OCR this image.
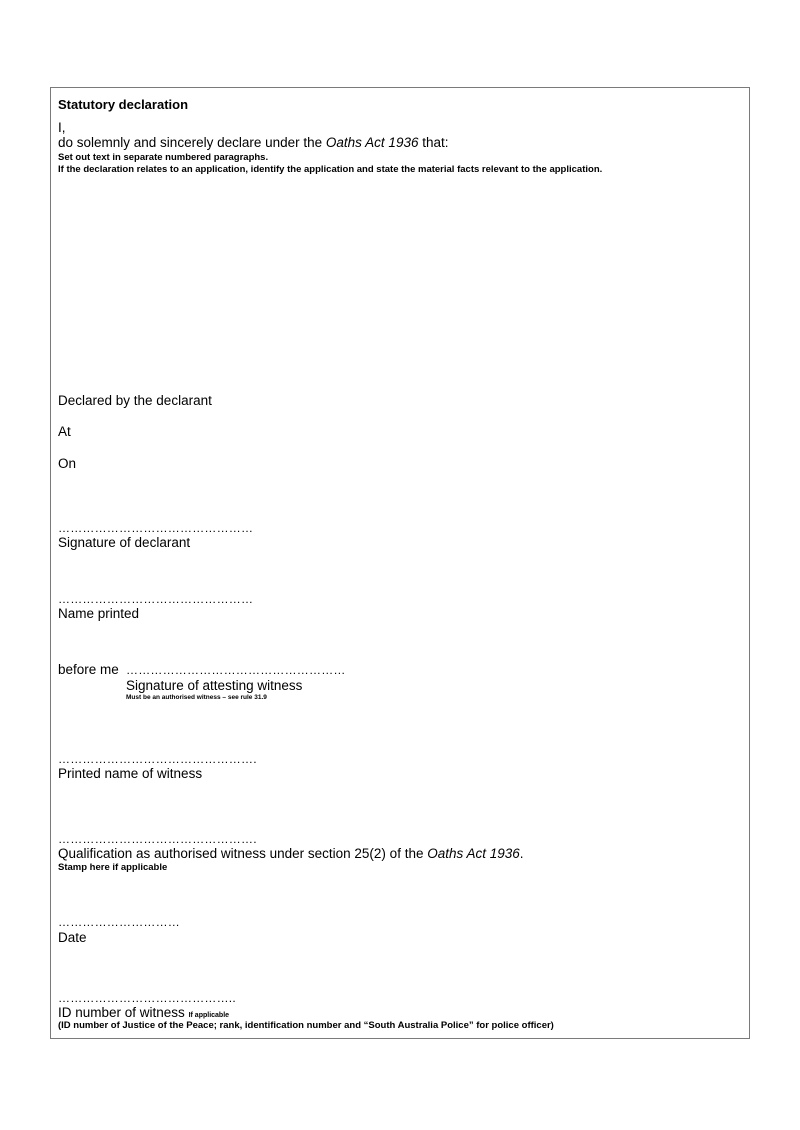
Statutory declaration
I,
do solemnly and sincerely declare under the Oaths Act 1936 that:
Set out text in separate numbered paragraphs.
If the declaration relates to an application, identify the application and state the material facts relevant to the application.
Declared by the declarant
At
On
…………………………………………
Signature of declarant
…………………………………………
Name printed
before me ………………………………………………
Signature of attesting witness
Must be an authorised witness – see rule 31.9
………………………………………….
Printed name of witness
………………………………………….
Qualification as authorised witness under section 25(2) of the Oaths Act 1936.
Stamp here if applicable
…………………………
Date
……………………………………..
ID number of witness If applicable
(ID number of Justice of the Peace; rank, identification number and “South Australia Police” for police officer)
